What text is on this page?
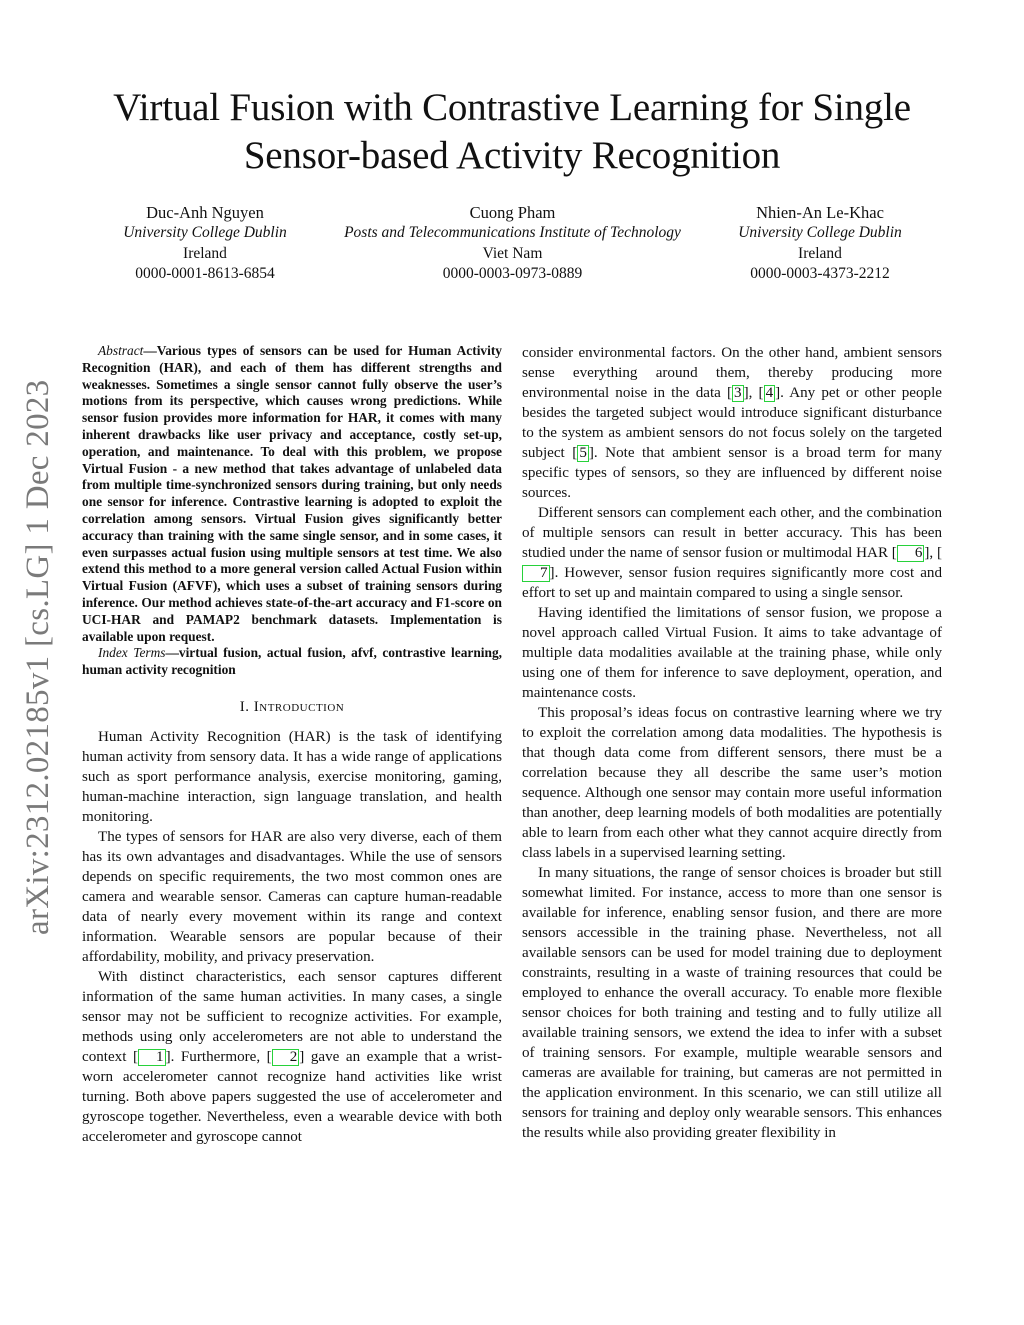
Virtual Fusion with Contrastive Learning for Single Sensor-based Activity Recognition
Duc-Anh Nguyen
University College Dublin
Ireland
0000-0001-8613-6854
Cuong Pham
Posts and Telecommunications Institute of Technology
Viet Nam
0000-0003-0973-0889
Nhien-An Le-Khac
University College Dublin
Ireland
0000-0003-4373-2212
arXiv:2312.02185v1 [cs.LG] 1 Dec 2023

Abstract—Various types of sensors can be used for Human Activity Recognition (HAR), and each of them has different strengths and weaknesses. Sometimes a single sensor cannot fully observe the user’s motions from its perspective, which causes wrong predictions. While sensor fusion provides more information for HAR, it comes with many inherent drawbacks like user privacy and acceptance, costly set-up, operation, and maintenance. To deal with this problem, we propose Virtual Fusion - a new method that takes advantage of unlabeled data from multiple time-synchronized sensors during training, but only needs one sensor for inference. Contrastive learning is adopted to exploit the correlation among sensors. Virtual Fusion gives significantly better accuracy than training with the same single sensor, and in some cases, it even surpasses actual fusion using multiple sensors at test time. We also extend this method to a more general version called Actual Fusion within Virtual Fusion (AFVF), which uses a subset of training sensors during inference. Our method achieves state-of-the-art accuracy and F1-score on UCI-HAR and PAMAP2 benchmark datasets. Implementation is available upon request.

Index Terms—virtual fusion, actual fusion, afvf, contrastive learning, human activity recognition

I. Introduction

Human Activity Recognition (HAR) is the task of identifying human activity from sensory data. It has a wide range of applications such as sport performance analysis, exercise monitoring, gaming, human-machine interaction, sign language translation, and health monitoring.

The types of sensors for HAR are also very diverse, each of them has its own advantages and disadvantages. While the use of sensors depends on specific requirements, the two most common ones are camera and wearable sensor. Cameras can capture human-readable data of nearly every movement within its range and context information. Wearable sensors are popular because of their affordability, mobility, and privacy preservation.

With distinct characteristics, each sensor captures different information of the same human activities. In many cases, a single sensor may not be sufficient to recognize activities. For example, methods using only accelerometers are not able to understand the context [ 1 ]. Furthermore, [ 2 ] gave an example that a wrist-worn accelerometer cannot recognize hand activities like wrist turning. Both above papers suggested the use of accelerometer and gyroscope together. Nevertheless, even a wearable device with both accelerometer and gyroscope cannot

consider environmental factors. On the other hand, ambient sensors sense everything around them, thereby producing more environmental noise in the data [ 3 ], [ 4 ]. Any pet or other people besides the targeted subject would introduce significant disturbance to the system as ambient sensors do not focus solely on the targeted subject [ 5 ]. Note that ambient sensor is a broad term for many specific types of sensors, so they are influenced by different noise sources.

Different sensors can complement each other, and the combination of multiple sensors can result in better accuracy. This has been studied under the name of sensor fusion or multimodal HAR [ 6 ], [7 ]. However, sensor fusion requires significantly more cost and effort to set up and maintain compared to using a single sensor.

Having identified the limitations of sensor fusion, we propose a novel approach called Virtual Fusion. It aims to take advantage of multiple data modalities available at the training phase, while only using one of them for inference to save deployment, operation, and maintenance costs.

This proposal’s ideas focus on contrastive learning where we try to exploit the correlation among data modalities. The hypothesis is that though data come from different sensors, there must be a correlation because they all describe the same user’s motion sequence. Although one sensor may contain more useful information than another, deep learning models of both modalities are potentially able to learn from each other what they cannot acquire directly from class labels in a supervised learning setting.

In many situations, the range of sensor choices is broader but still somewhat limited. For instance, access to more than one sensor is available for inference, enabling sensor fusion, and there are more sensors accessible in the training phase. Nevertheless, not all available sensors can be used for model training due to deployment constraints, resulting in a waste of training resources that could be employed to enhance the overall accuracy. To enable more flexible sensor choices for both training and testing and to fully utilize all available training sensors, we extend the idea to infer with a subset of training sensors. For example, multiple wearable sensors and cameras are available for training, but cameras are not permitted in the application environment. In this scenario, we can still utilize all sensors for training and deploy only wearable sensors. This enhances the results while also providing greater flexibility in
